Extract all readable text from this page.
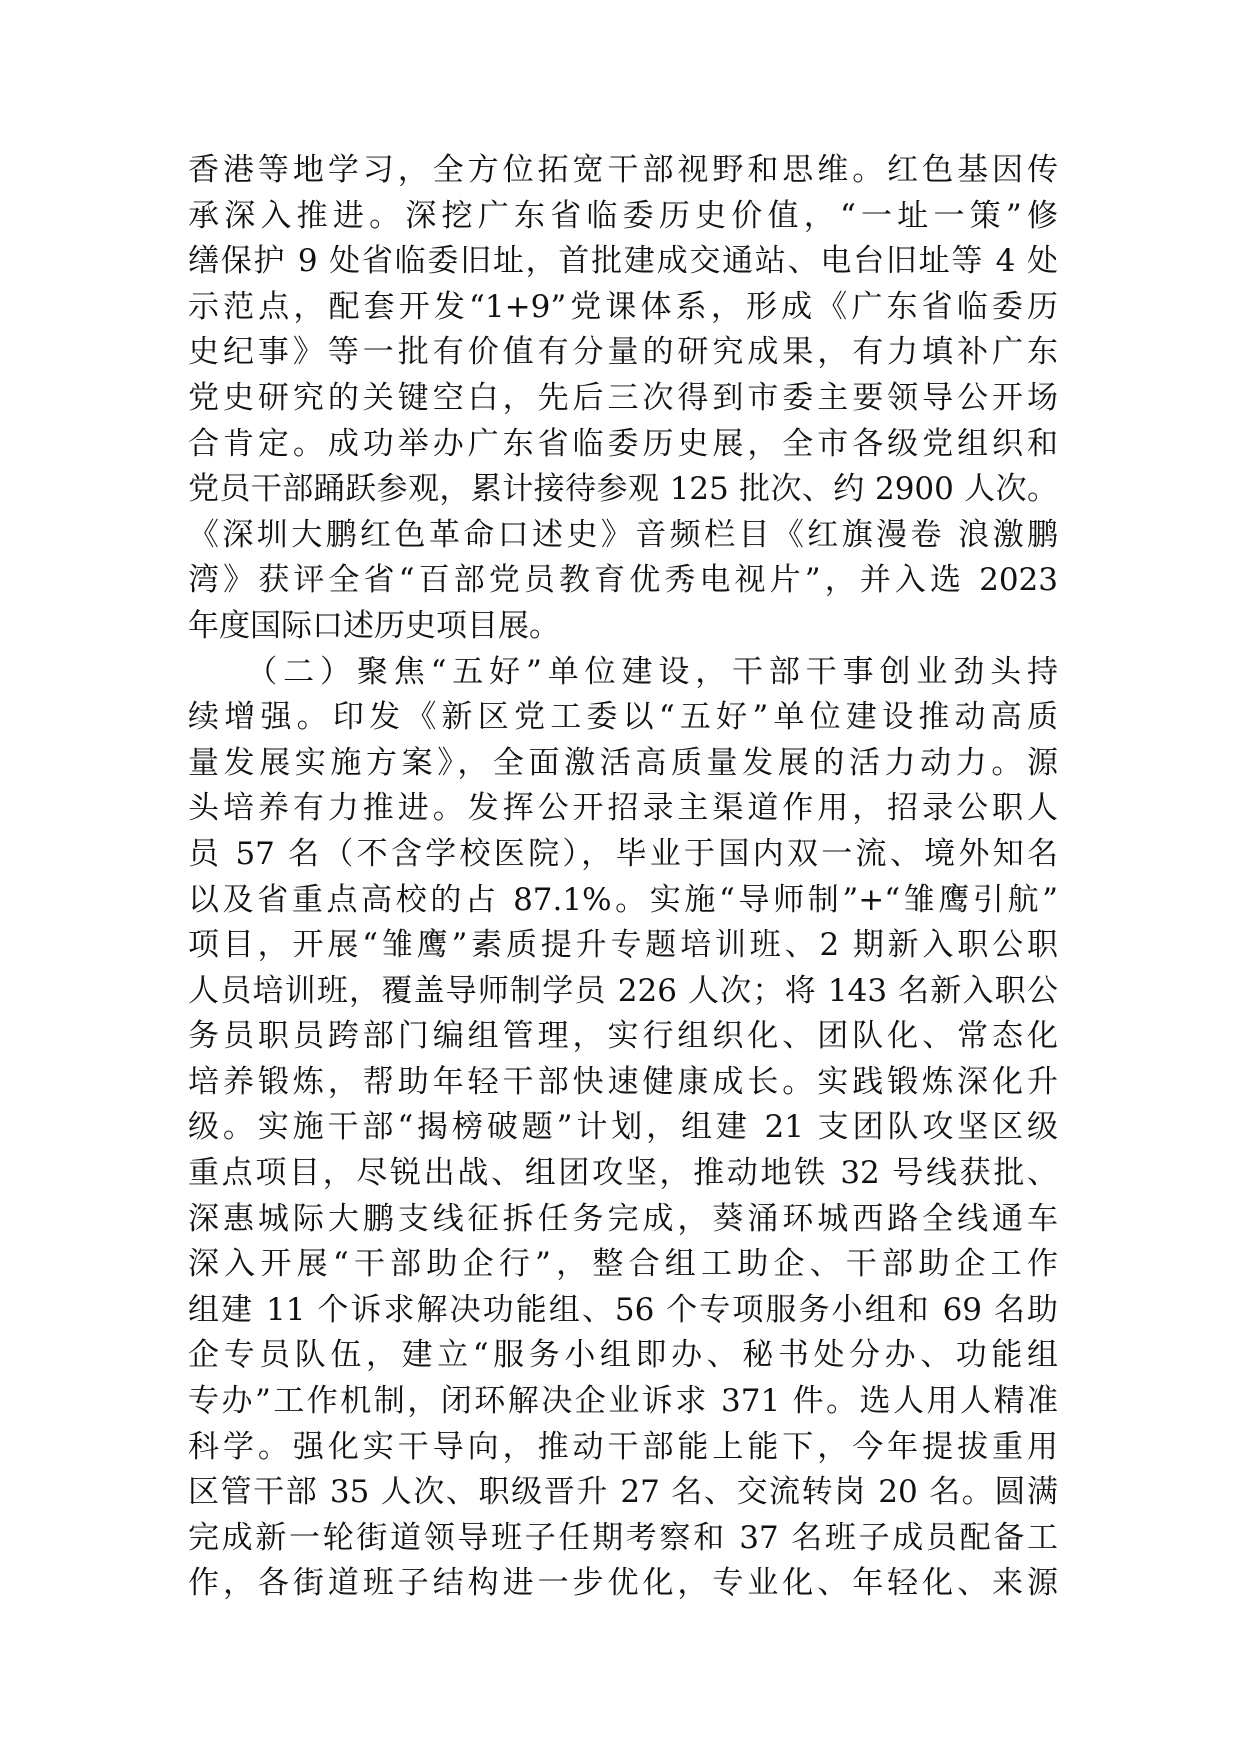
香港等地学习，全方位拓宽干部视野和思维。红色基因传
承深入推进。深挖广东省临委历史价值，“一址一策”修
缮保护 9 处省临委旧址，首批建成交通站、电台旧址等 4 处
示范点，配套开发“1+9”党课体系，形成《广东省临委历
史纪事》等一批有价值有分量的研究成果，有力填补广东
党史研究的关键空白，先后三次得到市委主要领导公开场
合肯定。成功举办广东省临委历史展，全市各级党组织和
党员干部踊跃参观，累计接待参观 125 批次、约 2900 人次。
《深圳大鹏红色革命口述史》音频栏目《红旗漫卷 浪激鹏
湾》获评全省“百部党员教育优秀电视片”，并入选 2023
年度国际口述历史项目展。
　　（二）聚焦“五好”单位建设，干部干事创业劲头持
续增强。印发《新区党工委以“五好”单位建设推动高质
量发展实施方案》，全面激活高质量发展的活力动力。源
头培养有力推进。发挥公开招录主渠道作用，招录公职人
员 57 名（不含学校医院），毕业于国内双一流、境外知名
以及省重点高校的占 87.1%。实施“导师制”+“雏鹰引航”
项目，开展“雏鹰”素质提升专题培训班、2 期新入职公职
人员培训班，覆盖导师制学员 226 人次；将 143 名新入职公
务员职员跨部门编组管理，实行组织化、团队化、常态化
培养锻炼，帮助年轻干部快速健康成长。实践锻炼深化升
级。实施干部“揭榜破题”计划，组建 21 支团队攻坚区级
重点项目，尽锐出战、组团攻坚，推动地铁 32 号线获批、
深惠城际大鹏支线征拆任务完成，葵涌环城西路全线通车
深入开展“干部助企行”，整合组工助企、干部助企工作
组建 11 个诉求解决功能组、56 个专项服务小组和 69 名助
企专员队伍，建立“服务小组即办、秘书处分办、功能组
专办”工作机制，闭环解决企业诉求 371 件。选人用人精准
科学。强化实干导向，推动干部能上能下，今年提拔重用
区管干部 35 人次、职级晋升 27 名、交流转岗 20 名。圆满
完成新一轮街道领导班子任期考察和 37 名班子成员配备工
作，各街道班子结构进一步优化，专业化、年轻化、来源
